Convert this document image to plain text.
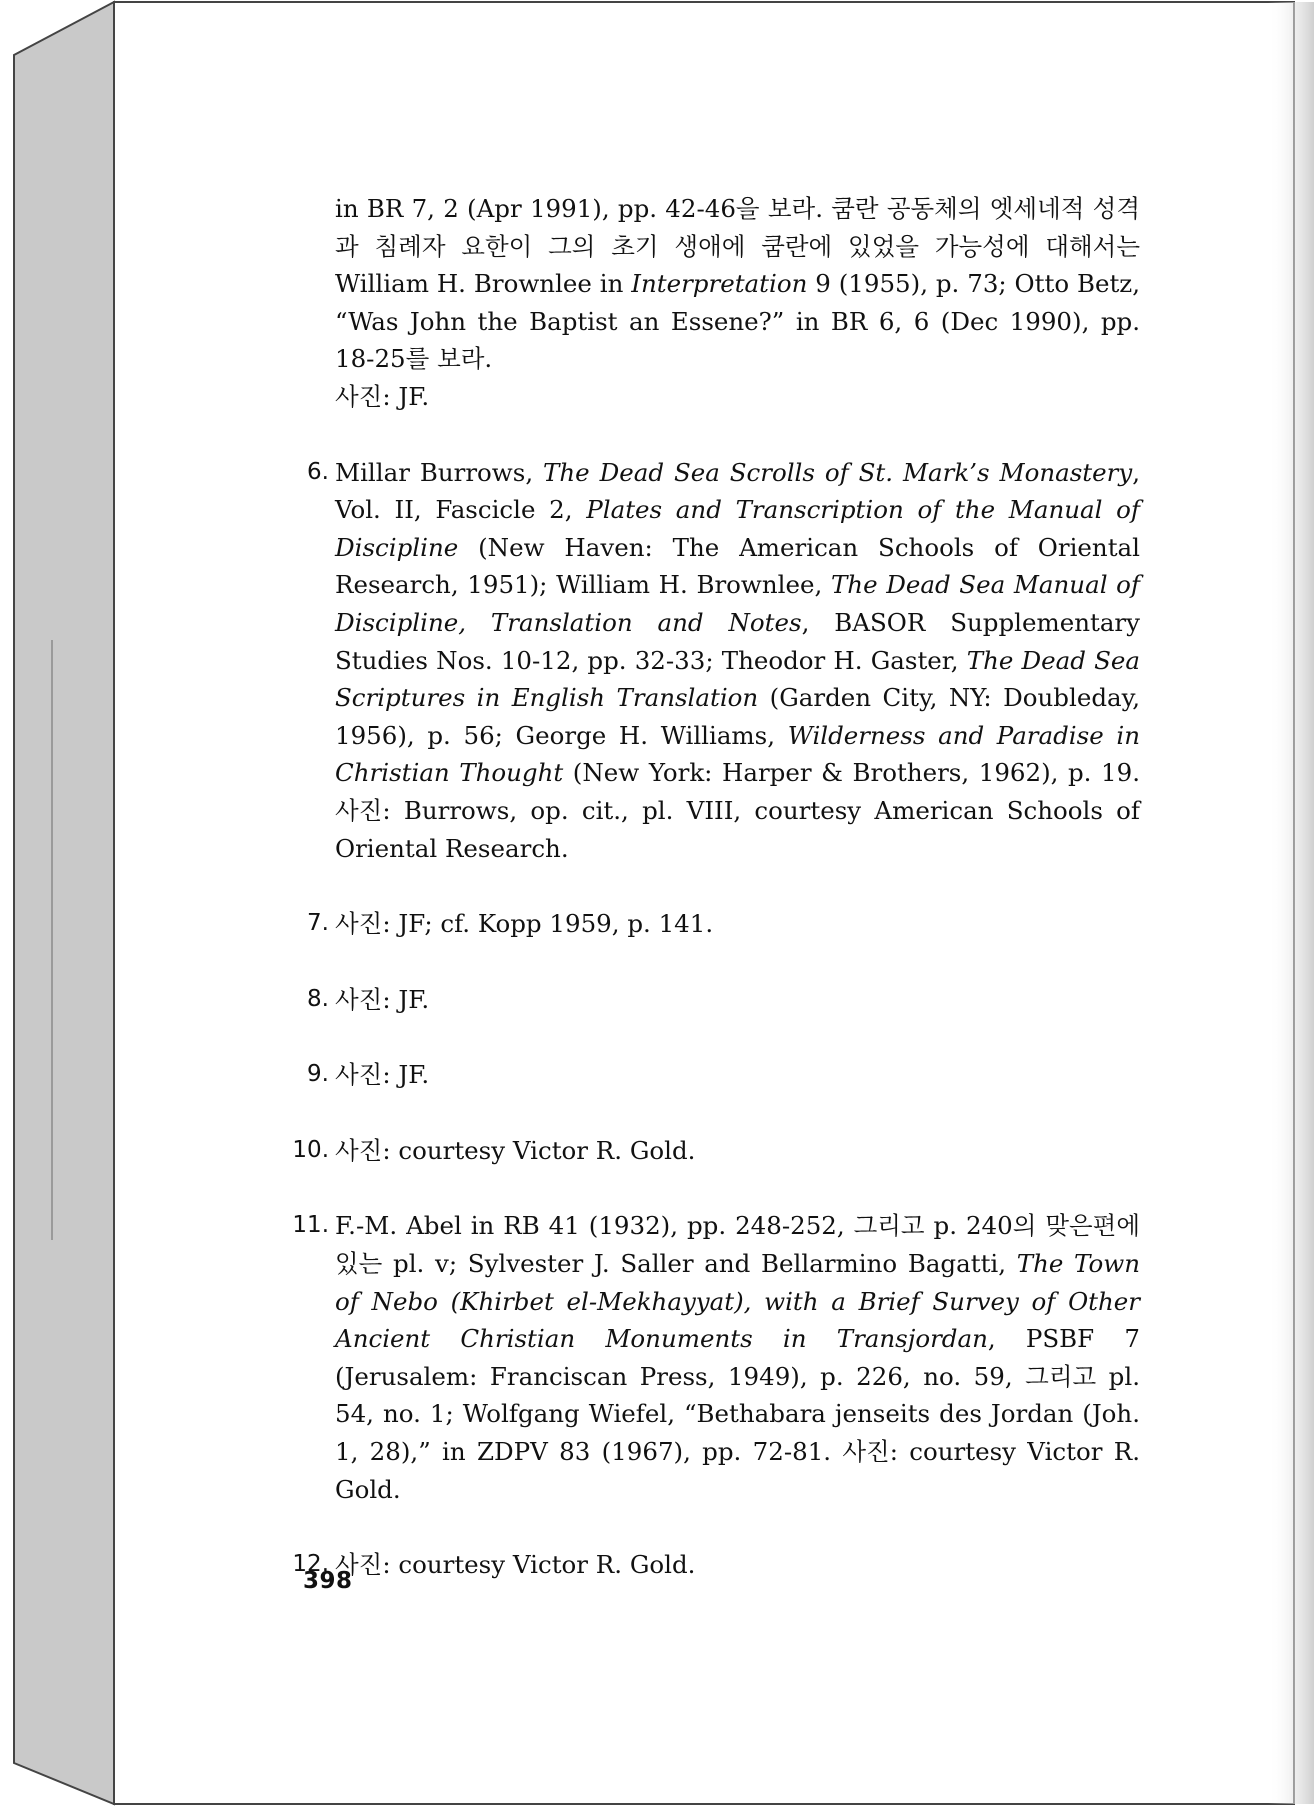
in BR 7, 2 (Apr 1991), pp. 42-46을 보라. 쿰란 공동체의 엣세네적 성격과 침례자 요한이 그의 초기 생애에 쿰란에 있었을 가능성에 대해서는 William H. Brownlee in Interpretation 9 (1955), p. 73; Otto Betz, “Was John the Baptist an Essene?” in BR 6, 6 (Dec 1990), pp. 18-25를 보라.
사진: JF.

6. Millar Burrows, The Dead Sea Scrolls of St. Mark’s Monastery, Vol. II, Fascicle 2, Plates and Transcription of the Manual of Discipline (New Haven: The American Schools of Oriental Research, 1951); William H. Brownlee, The Dead Sea Manual of Discipline, Translation and Notes, BASOR Supplementary Studies Nos. 10-12, pp. 32-33; Theodor H. Gaster, The Dead Sea Scriptures in English Translation (Garden City, NY: Doubleday, 1956), p. 56; George H. Williams, Wilderness and Paradise in Christian Thought (New York: Harper & Brothers, 1962), p. 19. 사진: Burrows, op. cit., pl. VIII, courtesy American Schools of Oriental Research.
7. 사진: JF; cf. Kopp 1959, p. 141.
8. 사진: JF.
9. 사진: JF.
10. 사진: courtesy Victor R. Gold.
11. F.-M. Abel in RB 41 (1932), pp. 248-252, 그리고 p. 240의 맞은편에 있는 pl. v; Sylvester J. Saller and Bellarmino Bagatti, The Town of Nebo (Khirbet el-Mekhayyat), with a Brief Survey of Other Ancient Christian Monuments in Transjordan, PSBF 7 (Jerusalem: Franciscan Press, 1949), p. 226, no. 59, 그리고 pl. 54, no. 1; Wolfgang Wiefel, “Bethabara jenseits des Jordan (Joh. 1, 28),” in ZDPV 83 (1967), pp. 72-81. 사진: courtesy Victor R. Gold.
12. 사진: courtesy Victor R. Gold.
398
